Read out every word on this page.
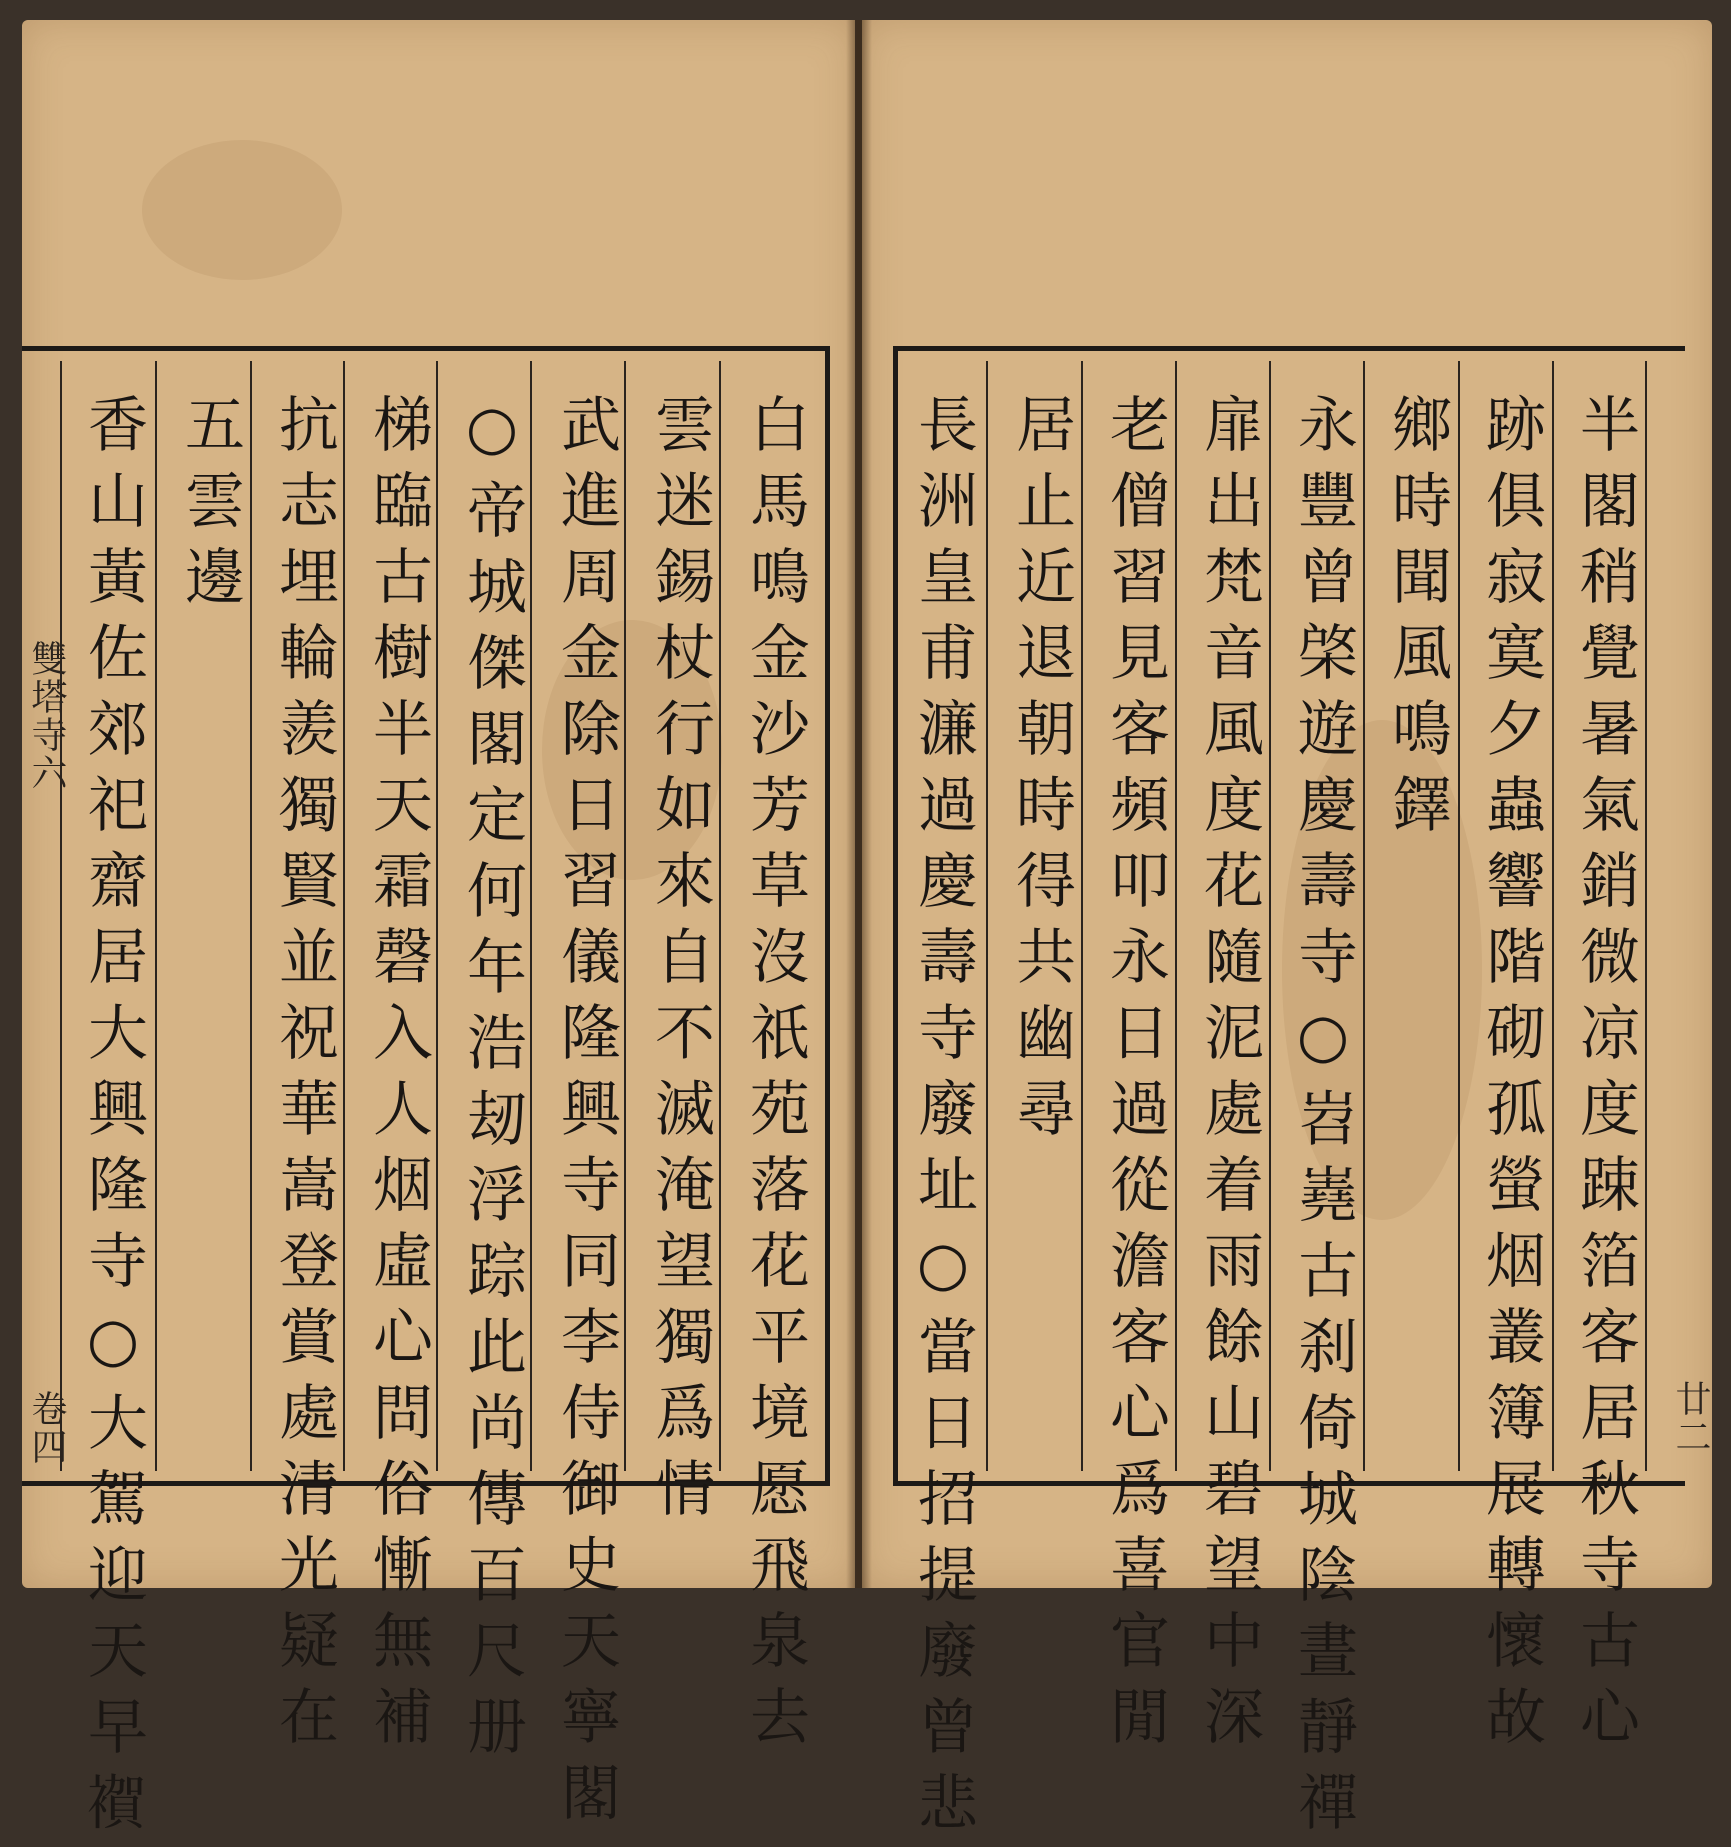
白馬鳴金沙芳草沒祇苑落花平境愿飛泉去
雲迷錫杖行如來自不滅淹望獨爲情
武進周金除日習儀隆興寺同李侍御史天寧閣
○帝城傑閣定何年浩刼浮踪此尚傳百尺册
梯臨古樹半天霜磬入人烟虛心問俗慚無補
抗志埋輪羨獨賢並祝華嵩登賞處清光疑在
五雲邊
香山黃佐郊祀齋居大興隆寺○大駕迎天早𧝂
雙塔寺六
卷四	半閣稍覺暑氣銷微凉度踈箔客居秋寺古心
跡俱寂寞夕蟲響階砌孤螢烟叢簿展轉懷故
鄉時聞風鳴鐸
永豐曾棨遊慶壽寺○岧嶤古刹倚城陰晝靜禪
扉出梵音風度花隨泥處着雨餘山碧望中深
老僧習見客頻叩永日過從澹客心爲喜官閒
居止近退朝時得共幽尋
長洲皇甫濂過慶壽寺廢址○當日招提廢曾悲	廿二
